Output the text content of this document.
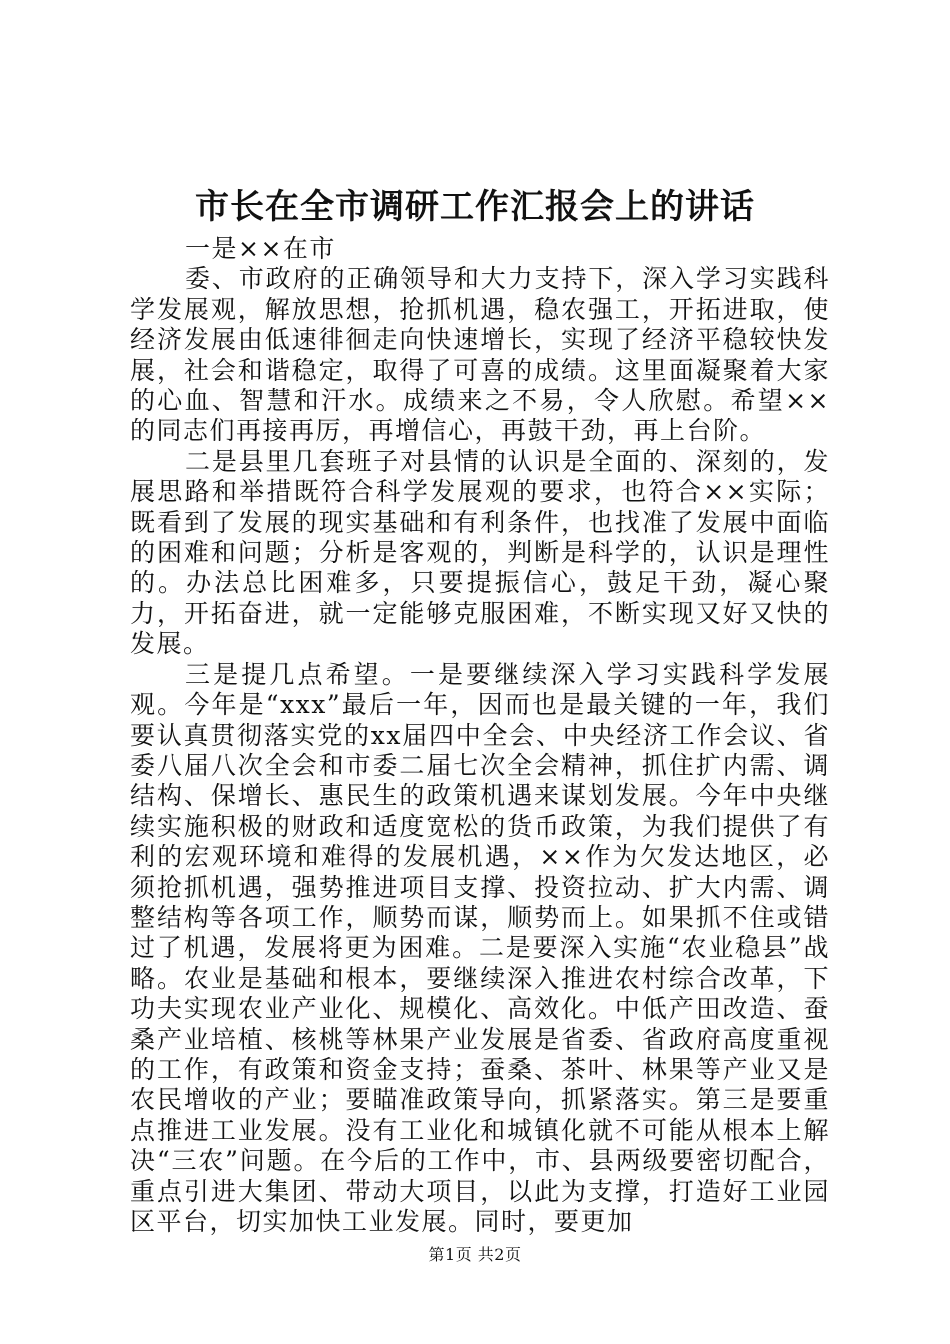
市长在全市调研工作汇报会上的讲话

一是××在市

委、市政府的正确领导和大力支持下，深入学习实践科学发展观，解放思想，抢抓机遇，稳农强工，开拓进取，使经济发展由低速徘徊走向快速增长，实现了经济平稳较快发展，社会和谐稳定，取得了可喜的成绩。这里面凝聚着大家的心血、智慧和汗水。成绩来之不易，令人欣慰。希望××的同志们再接再厉，再增信心，再鼓干劲，再上台阶。

二是县里几套班子对县情的认识是全面的、深刻的，发展思路和举措既符合科学发展观的要求，也符合××实际；既看到了发展的现实基础和有利条件，也找准了发展中面临的困难和问题；分析是客观的，判断是科学的，认识是理性的。办法总比困难多，只要提振信心，鼓足干劲，凝心聚力，开拓奋进，就一定能够克服困难，不断实现又好又快的发展。

三是提几点希望。一是要继续深入学习实践科学发展观。今年是“xxx”最后一年，因而也是最关键的一年，我们要认真贯彻落实党的xx届四中全会、中央经济工作会议、省委八届八次全会和市委二届七次全会精神，抓住扩内需、调结构、保增长、惠民生的政策机遇来谋划发展。今年中央继续实施积极的财政和适度宽松的货币政策，为我们提供了有利的宏观环境和难得的发展机遇，××作为欠发达地区，必须抢抓机遇，强势推进项目支撑、投资拉动、扩大内需、调整结构等各项工作，顺势而谋，顺势而上。如果抓不住或错过了机遇，发展将更为困难。二是要深入实施“农业稳县”战略。农业是基础和根本，要继续深入推进农村综合改革，下功夫实现农业产业化、规模化、高效化。中低产田改造、蚕桑产业培植、核桃等林果产业发展是省委、省政府高度重视的工作，有政策和资金支持；蚕桑、茶叶、林果等产业又是农民增收的产业；要瞄准政策导向，抓紧落实。第三是要重点推进工业发展。没有工业化和城镇化就不可能从根本上解决“三农”问题。在今后的工作中，市、县两级要密切配合，重点引进大集团、带动大项目，以此为支撑，打造好工业园区平台，切实加快工业发展。同时，要更加

第1页 共2页
